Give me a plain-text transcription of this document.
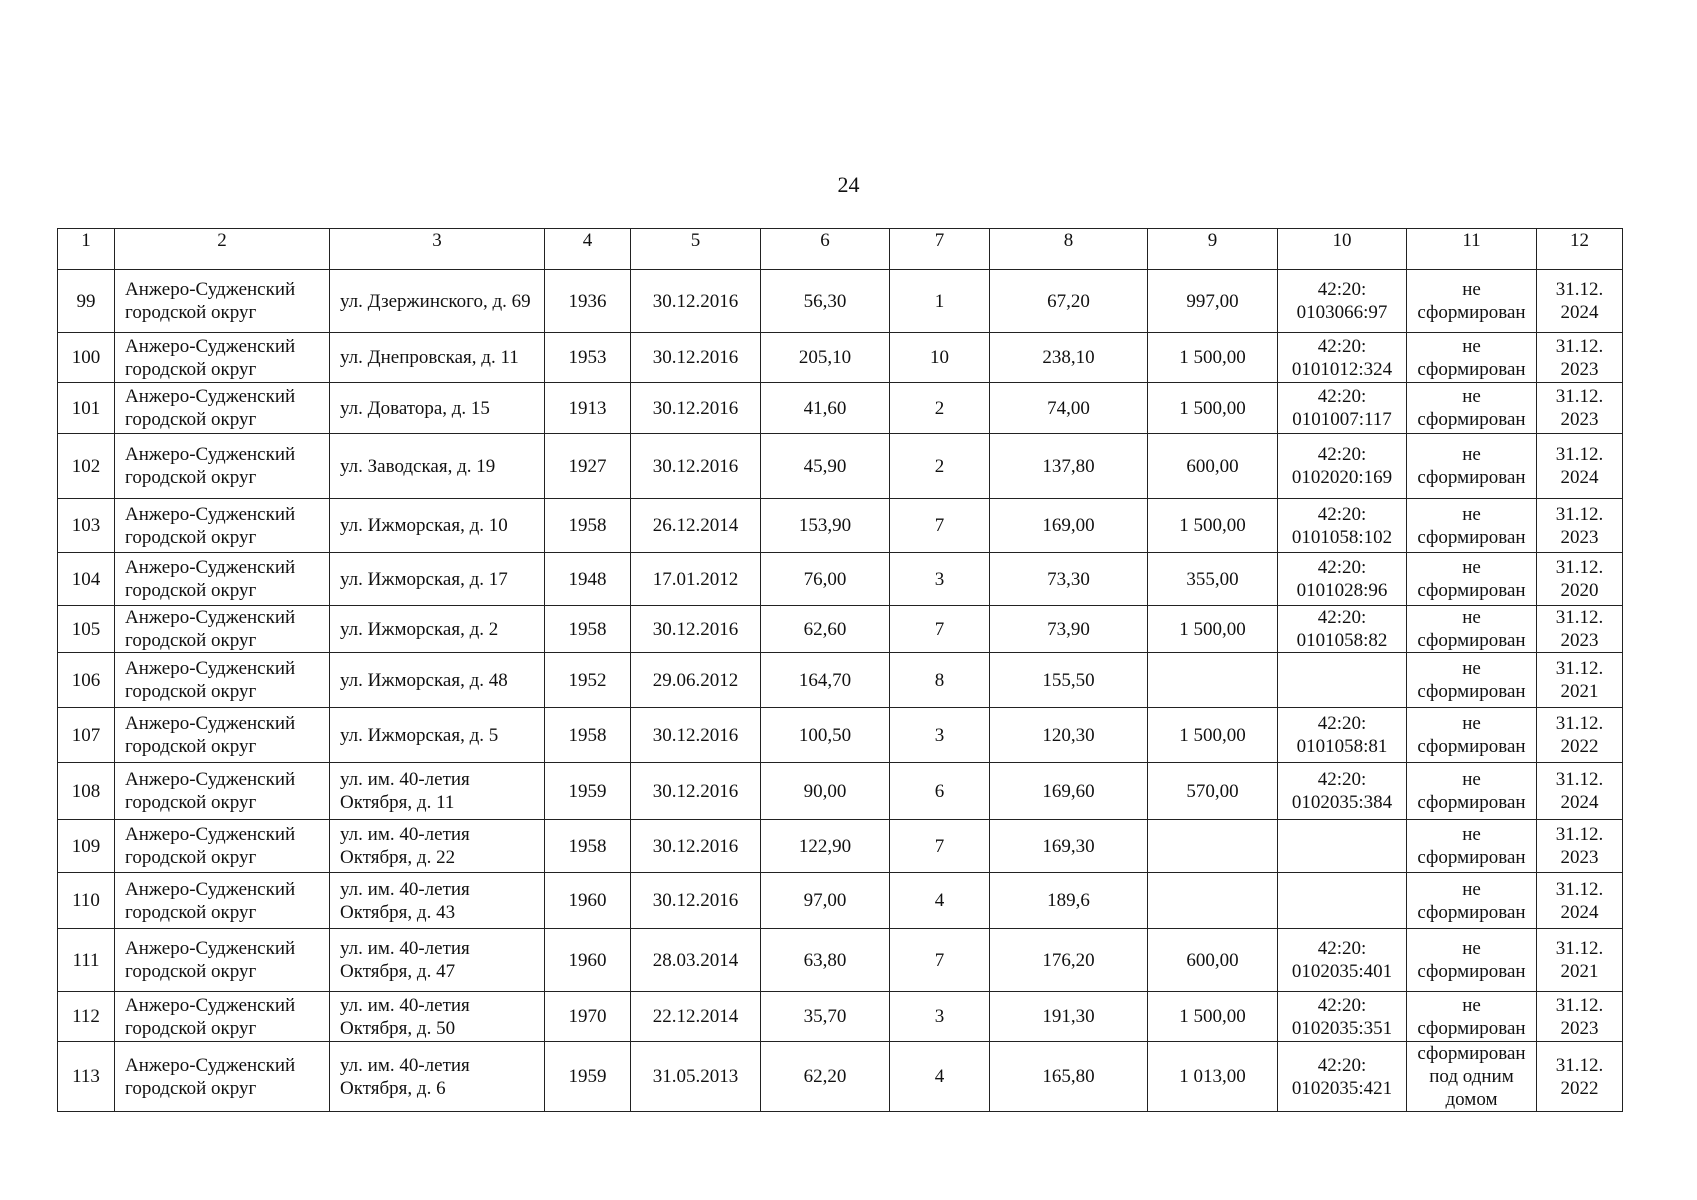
24
1	2	3	4	5	6	7	8	9	10	11	12
99	Анжеро-Судженский городской округ	ул. Дзержинского, д. 69	1936	30.12.2016	56,30	1	67,20	997,00	42:20: 0103066:97	не сформирован	31.12. 2024
100	Анжеро-Судженский городской округ	ул. Днепровская, д. 11	1953	30.12.2016	205,10	10	238,10	1 500,00	42:20: 0101012:324	не сформирован	31.12. 2023
101	Анжеро-Судженский городской округ	ул. Доватора, д. 15	1913	30.12.2016	41,60	2	74,00	1 500,00	42:20: 0101007:117	не сформирован	31.12. 2023
102	Анжеро-Судженский городской округ	ул. Заводская, д. 19	1927	30.12.2016	45,90	2	137,80	600,00	42:20: 0102020:169	не сформирован	31.12. 2024
103	Анжеро-Судженский городской округ	ул. Ижморская, д. 10	1958	26.12.2014	153,90	7	169,00	1 500,00	42:20: 0101058:102	не сформирован	31.12. 2023
104	Анжеро-Судженский городской округ	ул. Ижморская, д. 17	1948	17.01.2012	76,00	3	73,30	355,00	42:20: 0101028:96	не сформирован	31.12. 2020
105	Анжеро-Судженский городской округ	ул. Ижморская, д. 2	1958	30.12.2016	62,60	7	73,90	1 500,00	42:20: 0101058:82	не сформирован	31.12. 2023
106	Анжеро-Судженский городской округ	ул. Ижморская, д. 48	1952	29.06.2012	164,70	8	155,50			не сформирован	31.12. 2021
107	Анжеро-Судженский городской округ	ул. Ижморская, д. 5	1958	30.12.2016	100,50	3	120,30	1 500,00	42:20: 0101058:81	не сформирован	31.12. 2022
108	Анжеро-Судженский городской округ	ул. им. 40-летия Октября, д. 11	1959	30.12.2016	90,00	6	169,60	570,00	42:20: 0102035:384	не сформирован	31.12. 2024
109	Анжеро-Судженский городской округ	ул. им. 40-летия Октября, д. 22	1958	30.12.2016	122,90	7	169,30			не сформирован	31.12. 2023
110	Анжеро-Судженский городской округ	ул. им. 40-летия Октября, д. 43	1960	30.12.2016	97,00	4	189,6			не сформирован	31.12. 2024
111	Анжеро-Судженский городской округ	ул. им. 40-летия Октября, д. 47	1960	28.03.2014	63,80	7	176,20	600,00	42:20: 0102035:401	не сформирован	31.12. 2021
112	Анжеро-Судженский городской округ	ул. им. 40-летия Октября, д. 50	1970	22.12.2014	35,70	3	191,30	1 500,00	42:20: 0102035:351	не сформирован	31.12. 2023
113	Анжеро-Судженский городской округ	ул. им. 40-летия Октября, д. 6	1959	31.05.2013	62,20	4	165,80	1 013,00	42:20: 0102035:421	сформирован под одним домом	31.12. 2022
